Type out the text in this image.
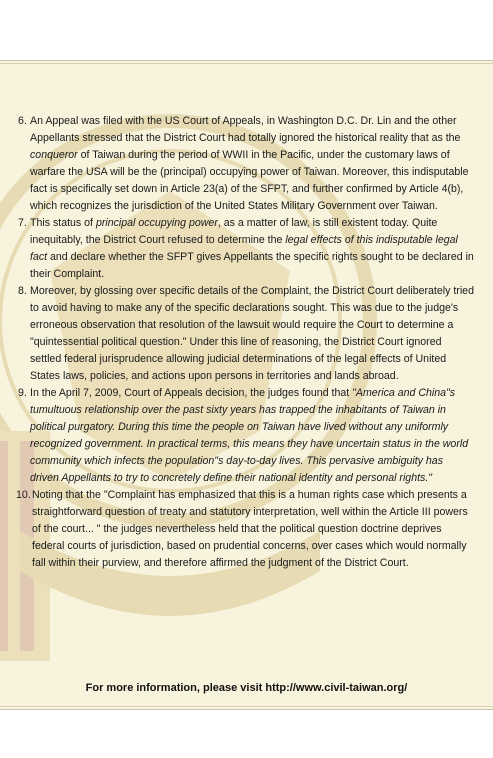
6. An Appeal was filed with the US Court of Appeals, in Washington D.C. Dr. Lin and the other Appellants stressed that the District Court had totally ignored the historical reality that as the conqueror of Taiwan during the period of WWII in the Pacific, under the customary laws of warfare the USA will be the (principal) occupying power of Taiwan. Moreover, this indisputable fact is specifically set down in Article 23(a) of the SFPT, and further confirmed by Article 4(b), which recognizes the jurisdiction of the United States Military Government over Taiwan.

7. This status of principal occupying power, as a matter of law, is still existent today. Quite inequitably, the District Court refused to determine the legal effects of this indisputable legal fact and declare whether the SFPT gives Appellants the specific rights sought to be declared in their Complaint.

8. Moreover, by glossing over specific details of the Complaint, the District Court deliberately tried to avoid having to make any of the specific declarations sought. This was due to the judge's erroneous observation that resolution of the lawsuit would require the Court to determine a "quintessential political question." Under this line of reasoning, the District Court ignored settled federal jurisprudence allowing judicial determinations of the legal effects of United States laws, policies, and actions upon persons in territories and lands abroad.

9. In the April 7, 2009, Court of Appeals decision, the judges found that "America and China"s tumultuous relationship over the past sixty years has trapped the inhabitants of Taiwan in political purgatory. During this time the people on Taiwan have lived without any uniformly recognized government. In practical terms, this means they have uncertain status in the world community which infects the population"s day-to-day lives. This pervasive ambiguity has driven Appellants to try to concretely define their national identity and personal rights."

10. Noting that the "Complaint has emphasized that this is a human rights case which presents a straightforward question of treaty and statutory interpretation, well within the Article III powers of the court... " the judges nevertheless held that the political question doctrine deprives federal courts of jurisdiction, based on prudential concerns, over cases which would normally fall within their purview, and therefore affirmed the judgment of the District Court.

For more information, please visit http://www.civil-taiwan.org/
